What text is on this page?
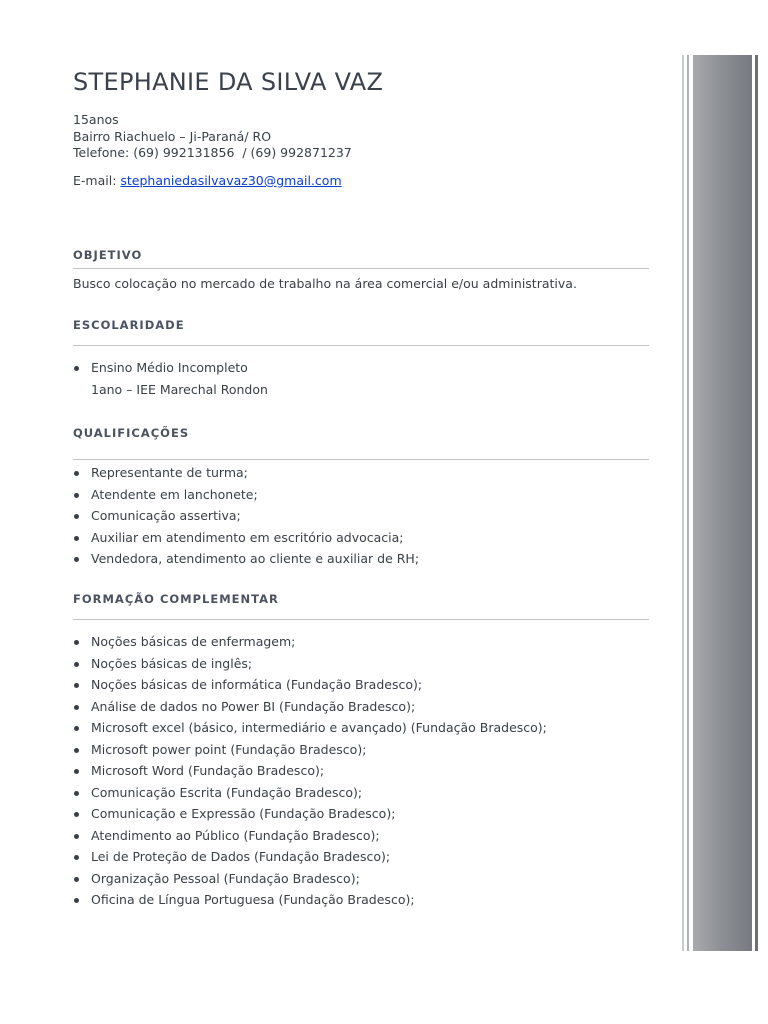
STEPHANIE DA SILVA VAZ
15anos
Bairro Riachuelo – Ji-Paraná/ RO
Telefone: (69) 992131856  / (69) 992871237
E-mail: stephaniedasilvavaz30@gmail.com
OBJETIVO
Busco colocação no mercado de trabalho na área comercial e/ou administrativa.
ESCOLARIDADE
Ensino Médio Incompleto
1ano – IEE Marechal Rondon
QUALIFICAÇÕES
Representante de turma;
Atendente em lanchonete;
Comunicação assertiva;
Auxiliar em atendimento em escritório advocacia;
Vendedora, atendimento ao cliente e auxiliar de RH;
FORMAÇÃO COMPLEMENTAR
Noções básicas de enfermagem;
Noções básicas de inglês;
Noções básicas de informática (Fundação Bradesco);
Análise de dados no Power BI (Fundação Bradesco);
Microsoft excel (básico, intermediário e avançado) (Fundação Bradesco);
Microsoft power point (Fundação Bradesco);
Microsoft Word (Fundação Bradesco);
Comunicação Escrita (Fundação Bradesco);
Comunicação e Expressão (Fundação Bradesco);
Atendimento ao Público (Fundação Bradesco);
Lei de Proteção de Dados (Fundação Bradesco);
Organização Pessoal (Fundação Bradesco);
Oficina de Língua Portuguesa (Fundação Bradesco);
